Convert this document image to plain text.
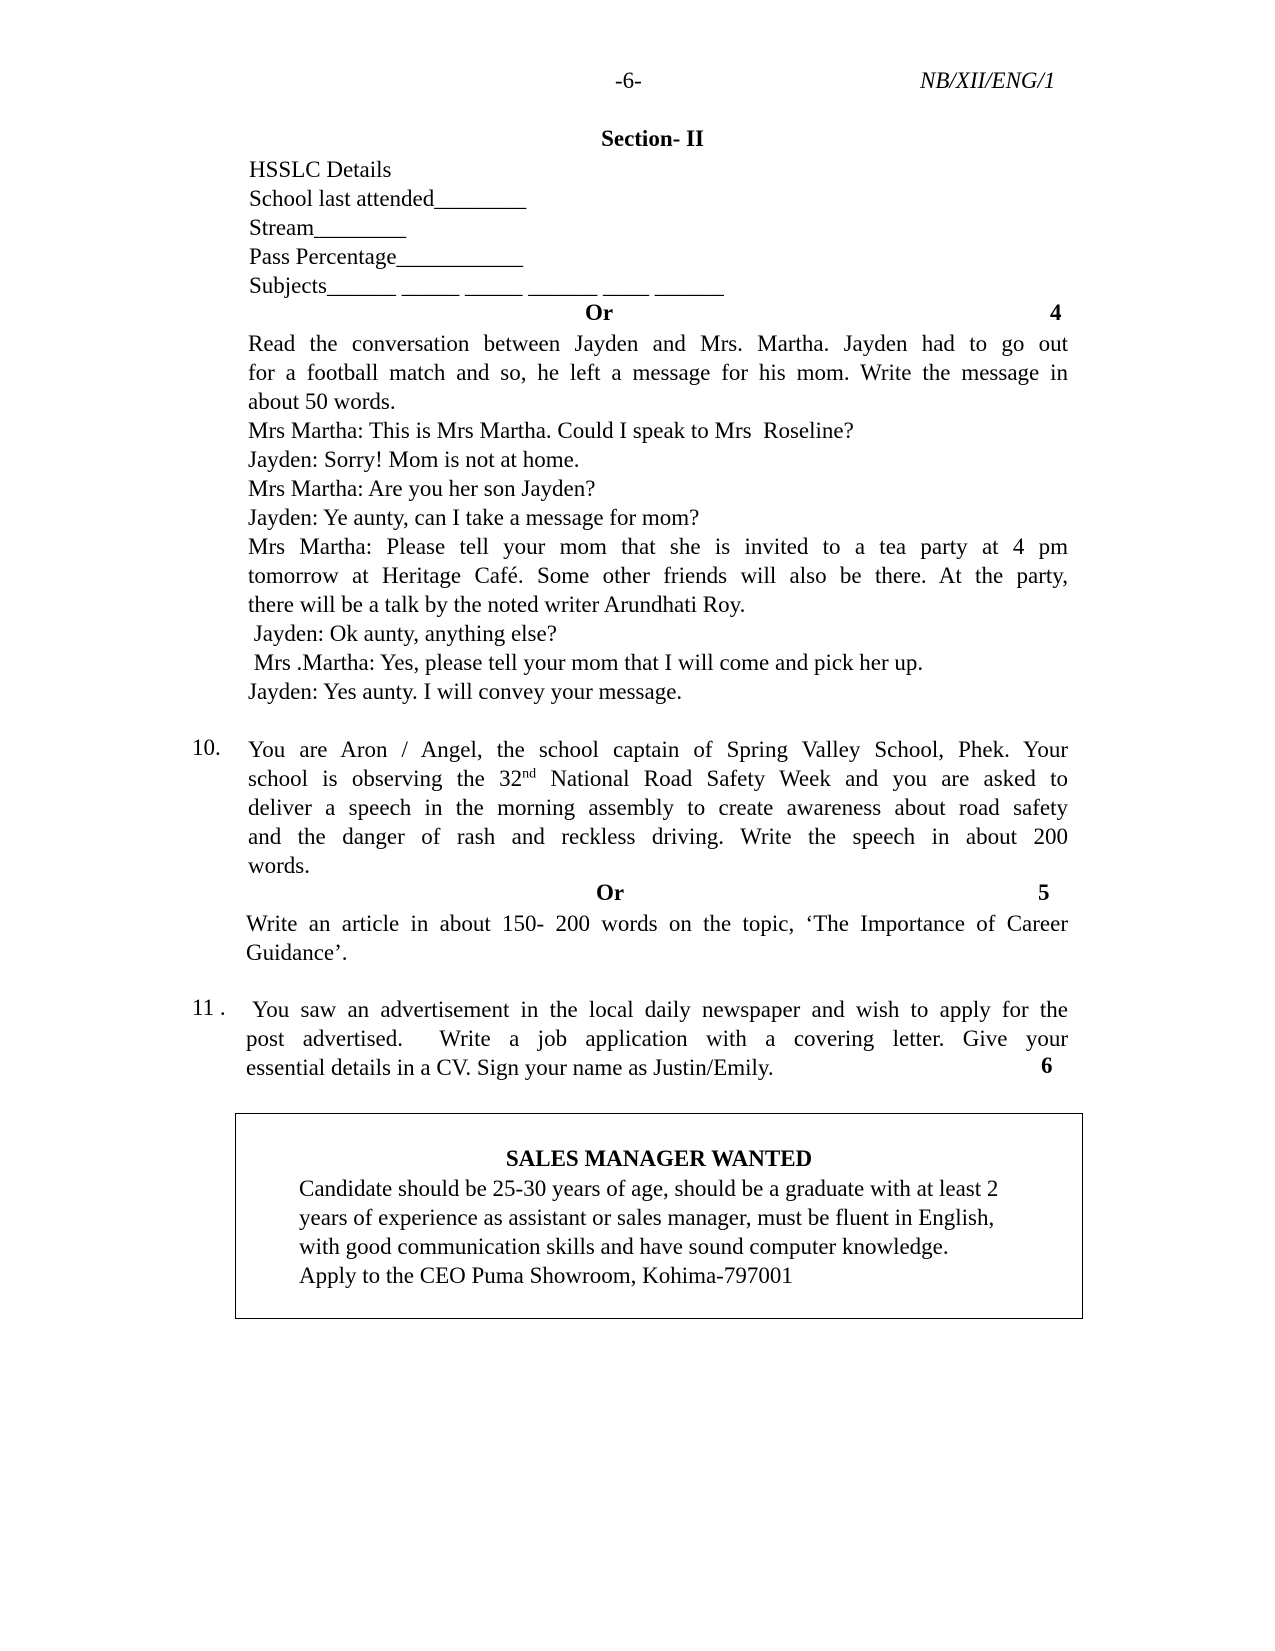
-6-	NB/XII/ENG/1
Section- II
HSSLC Details
School last attended________
Stream________
Pass Percentage___________
Subjects______ _____ _____ ______ ____ ______
Or	4
Read the conversation between Jayden and Mrs. Martha. Jayden had to go out
for a football match and so, he left a message for his mom. Write the message in
about 50 words.
Mrs Martha: This is Mrs Martha. Could I speak to Mrs  Roseline?
Jayden: Sorry! Mom is not at home.
Mrs Martha: Are you her son Jayden?
Jayden: Ye aunty, can I take a message for mom?
Mrs Martha: Please tell your mom that she is invited to a tea party at 4 pm
tomorrow at Heritage Café. Some other friends will also be there. At the party,
there will be a talk by the noted writer Arundhati Roy.
Jayden: Ok aunty, anything else?
Mrs .Martha: Yes, please tell your mom that I will come and pick her up.
Jayden: Yes aunty. I will convey your message.
10. You are Aron / Angel, the school captain of Spring Valley School, Phek. Your
school is observing the 32nd National Road Safety Week and you are asked to
deliver a speech in the morning assembly to create awareness about road safety
and the danger of rash and reckless driving. Write the speech in about 200
words.
Or	5
Write an article in about 150- 200 words on the topic, ‘The Importance of Career
Guidance’.
11 . You saw an advertisement in the local daily newspaper and wish to apply for the
post advertised.  Write a job application with a covering letter. Give your
essential details in a CV. Sign your name as Justin/Emily.	6
SALES MANAGER WANTED
Candidate should be 25-30 years of age, should be a graduate with at least 2
years of experience as assistant or sales manager, must be fluent in English,
with good communication skills and have sound computer knowledge.
Apply to the CEO Puma Showroom, Kohima-797001
